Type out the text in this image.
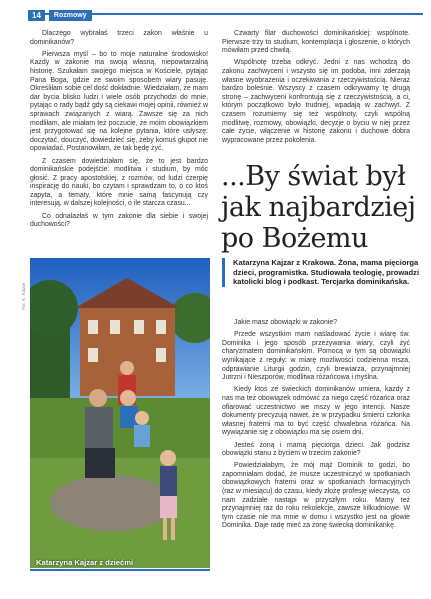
14	Rozmowy

Dlaczego wybrałaś trzeci zakon właśnie u dominikanów?

Pierwsza myśl – bo to moje naturalne środowisko! Każdy w zakonie ma swoją własną, niepowtarzalną historię. Szukałam swojego miejsca w Kościele, pytając Pana Boga, gdzie ze swoim sposobem wiary pasuję. Określiłam sobie cel dość dokładnie. Wiedziałam, że mam dar bycia blisko ludzi i wiele osób przychodzi do mnie, pytając o rady bądź gdy są ciekawi mojej opinii, również w sprawach związanych z wiarą. Zawsze się za nich modliłam, ale miałam też poczucie, że moim obowiązkiem jest przygotować się na kolejne pytania, które usłyszę: doczytać, douczyć, dowiedzieć się, żeby komuś głupot nie opowiadać. Postanowiłam, że tak będę żyć.

Z czasem dowiedziałam się, że to jest bardzo dominikańskie podejście: modlitwa i studium, by móc głosić. Z pracy apostolskiej, z rozmów, od ludzi czerpię inspirację do nauki, bo czytam i sprawdzam to, o co ktoś zapyta, a tematy, które mnie samą fascynują czy interesują, w dalszej kolejności, o ile starcza czasu...

Co odnalazłaś w tym zakonie dla siebie i swojej duchowości?

Czwarty filar duchowości dominikańskiej: wspólnote. Pierwsze trzy to studium, kontemplacja i głoszenie, o których mówiłam przed chwilą.

Wspólnotę trzeba odkryć. Jedni z nas wchodzą do zakonu zachwyceni i wszysto się im podoba, inni zderzają własne wyobrażenia i oczekiwania z rzeczywistością. Nieraz bardzo boleśnie. Wszyscy z czasem odkrywamy tę drugą stronę – zachwyceni konfrontują się z rzeczywistością, a ci, którym początkowo było trudniej, wpadają w zachwyt. Z czasem rozumiemy się też wspólnoty, czyli wspólną modlitwę, rozmowy, obowiązki, decyzje o byciu w niej przez całe życie, włączenie w historię zakonu i duchowe dobra wypracowane przez pokolenia.

...By świat był jak najbardziej po Bożemu
Katarzyna Kajzar z Krakowa. Żona, mama pięciorga dzieci, programistka. Studiowała teologię, prowadzi katolicki blog i podkast. Tercjarka dominikańska.
Fot. K. Kajzar
Katarzyna Kajzar z dziećmi

Jakie masz obowiązki w zakonie?

Przede wszystkim mam naśladować życie i wiarę św. Dominika i jego sposób przeżywania wiary, czyli żyć charyzmatem dominikańskim. Pomocą w tym są obowiązki wynikające z reguły: w miarę możliwości codzienna msza, odprawianie Liturgii godzin, czyli brewiarza, przynajmniej Jutrzni i Nieszporów, modlitwa różańcowa i myślna.

Kiedy ktoś ze świeckich dominikanów umiera, każdy z nas ma też obowiązek odmówić za niego część różańca oraz ofiarować uczestnictwo we mszy w jego intencji. Nasze dokumenty precyzują nawet, że w przypadku śmierci członka własnej fraterni ma to być część chwalebna różańca. Na wywiązanie się z obowiązku ma się osiem dni.

Jesteś żoną i mamą pięciorga dzieci. Jak godzisz obowiązki stanu z byciem w trzecim zakonie?

Powiedziałabym, że mój mąż Dominik to godzi, bo zapomniałam dodać, że musze uczestniczyć w spotkaniach obowiązkowych fraterni oraz w spotkaniach formacyjnych (raz w miesiącu) do czasu, kiedy złożę profesję wieczystą, co nam zadziałe nastąpi w przyszłym roku. Mamy też przynajmniej raz do roku rekolekcje, zawsze kilkudniowe. W tym czasie nie ma mnie w domu i wszystko jest na głowie Dominika. Daje radę mieć za żonę świecką dominikankę.
